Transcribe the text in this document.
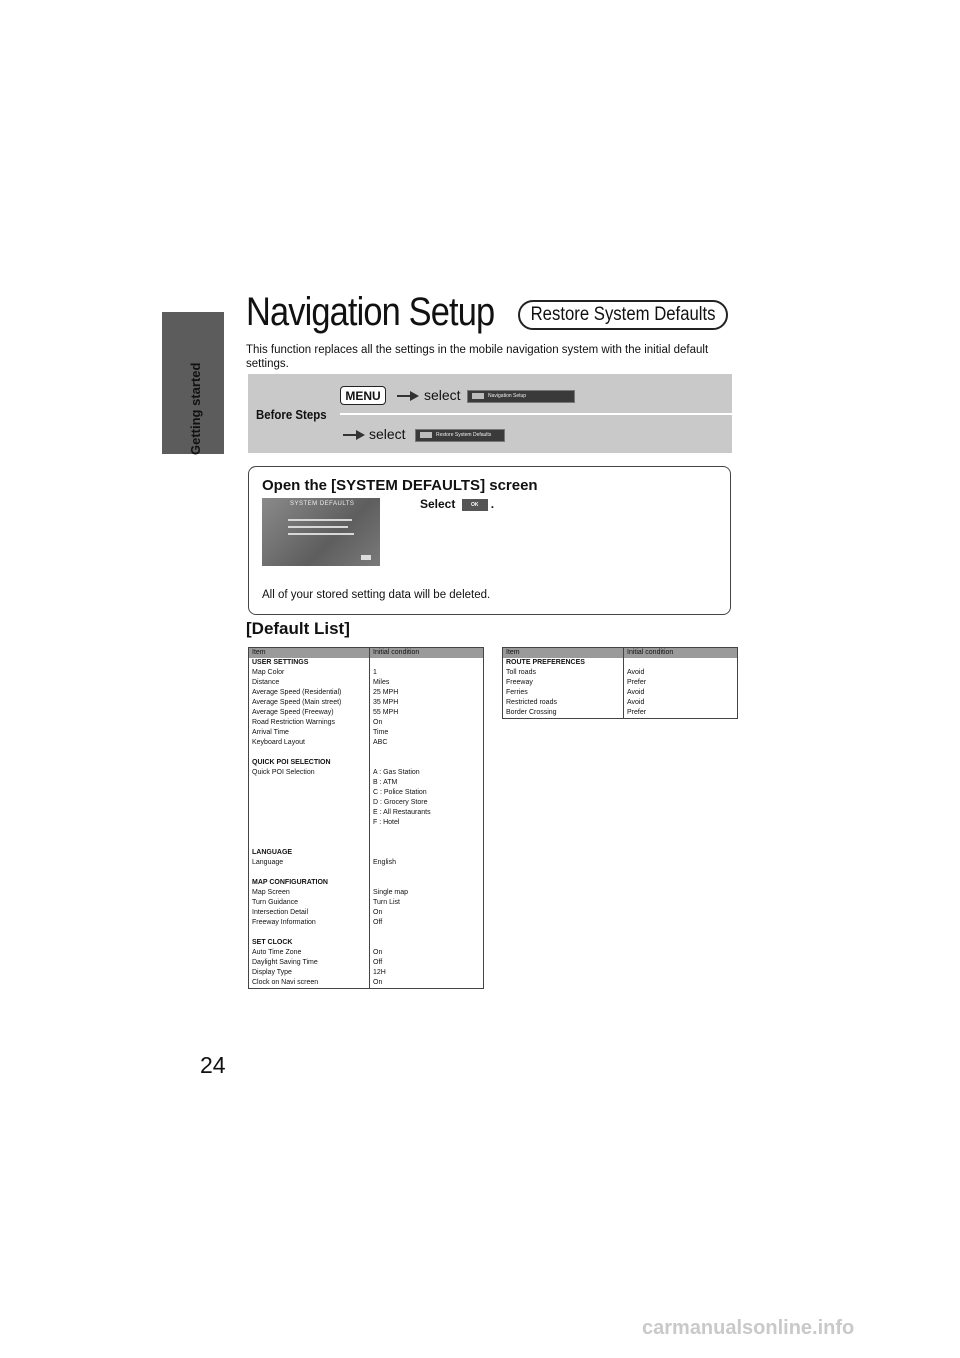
Getting started
24
Navigation Setup Restore System Defaults
This function replaces all the settings in the mobile navigation system with the initial default settings.
Before Steps
MENU	select	Navigation Setup
select	Restore System Defaults
Open the [SYSTEM DEFAULTS] screen
SYSTEM DEFAULTS	Select	OK .
All of your stored setting data will be deleted.
[Default List]
Item	Initial condition
USER SETTINGS	
Map Color	1
Distance	Miles
Average Speed (Residential)	25 MPH
Average Speed (Main street)	35 MPH
Average Speed (Freeway)	55 MPH
Road Restriction Warnings	On
Arrival Time	Time
Keyboard Layout	ABC

QUICK POI SELECTION	
Quick POI Selection	A : Gas Station
	B : ATM
	C : Police Station
	D : Grocery Store
	E : All Restaurants
	F : Hotel

LANGUAGE	
Language	English

MAP CONFIGURATION	
Map Screen	Single map
Turn Guidance	Turn List
Intersection Detail	On
Freeway Information	Off

SET CLOCK	
Auto Time Zone	On
Daylight Saving Time	Off
Display Type	12H
Clock on Navi screen	On
Item	Initial condition
ROUTE PREFERENCES	
Toll roads	Avoid
Freeway	Prefer
Ferries	Avoid
Restricted roads	Avoid
Border Crossing	Prefer
carmanualsonline.info
